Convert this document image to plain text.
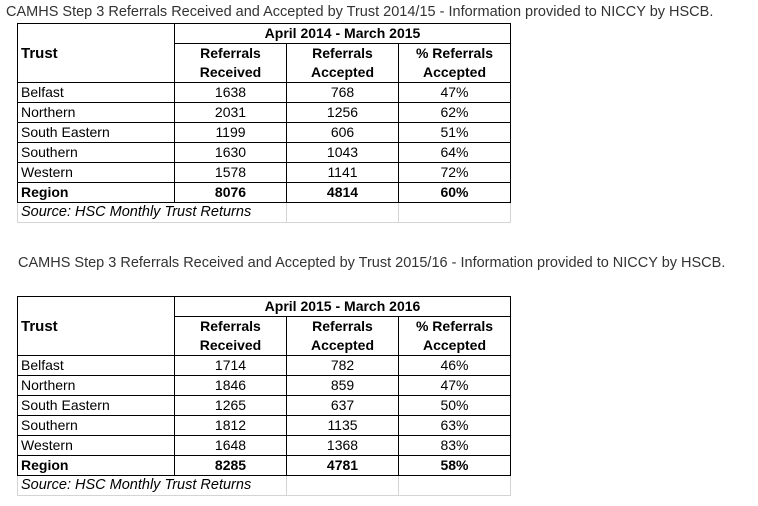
CAMHS Step 3 Referrals Received and Accepted by Trust 2014/15 - Information provided to NICCY by HSCB.
Trust	April 2014 - March 2015		
	Referrals	Referrals	% Referrals
	Received	Accepted	Accepted
Belfast	1638	768	47%
Northern	2031	1256	62%
South Eastern	1199	606	51%
Southern	1630	1043	64%
Western	1578	1141	72%
Region	8076	4814	60%
Source: HSC Monthly Trust Returns			
CAMHS Step 3 Referrals Received and Accepted by Trust 2015/16 - Information provided to NICCY by HSCB.
Trust	April 2015 - March 2016		
	Referrals	Referrals	% Referrals
	Received	Accepted	Accepted
Belfast	1714	782	46%
Northern	1846	859	47%
South Eastern	1265	637	50%
Southern	1812	1135	63%
Western	1648	1368	83%
Region	8285	4781	58%
Source: HSC Monthly Trust Returns			
